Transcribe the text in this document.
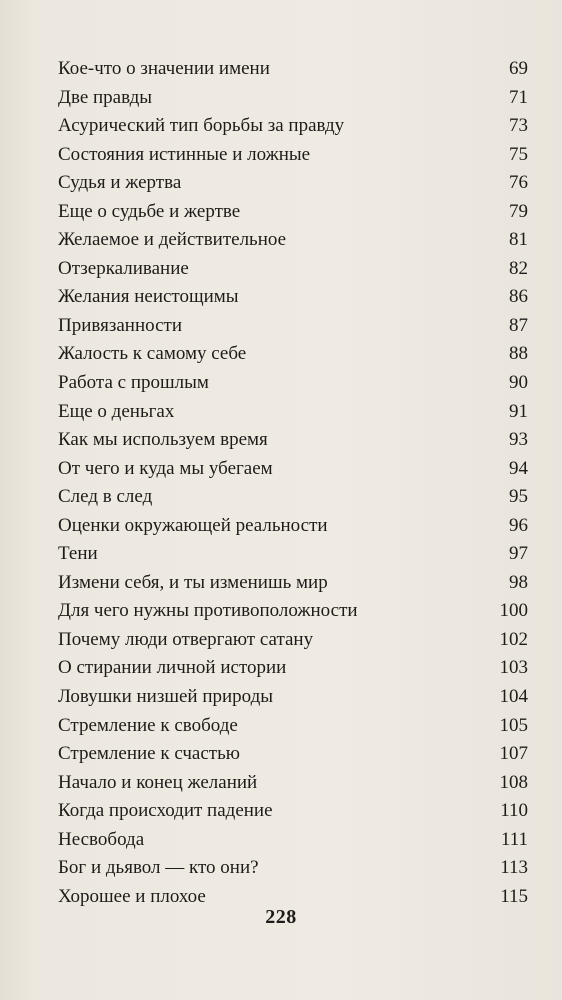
Кое-что о значении имени	69
Две правды	71
Асурический тип борьбы за правду	73
Состояния истинные и ложные	75
Судья и жертва	76
Еще о судьбе и жертве	79
Желаемое и действительное	81
Отзеркаливание	82
Желания неистощимы	86
Привязанности	87
Жалость к самому себе	88
Работа с прошлым	90
Еще о деньгах	91
Как мы используем время	93
От чего и куда мы убегаем	94
След в след	95
Оценки окружающей реальности	96
Тени	97
Измени себя, и ты изменишь мир	98
Для чего нужны противоположности	100
Почему люди отвергают сатану	102
О стирании личной истории	103
Ловушки низшей природы	104
Стремление к свободе	105
Стремление к счастью	107
Начало и конец желаний	108
Когда происходит падение	110
Несвобода	111
Бог и дьявол — кто они?	113
Хорошее и плохое	115
228
